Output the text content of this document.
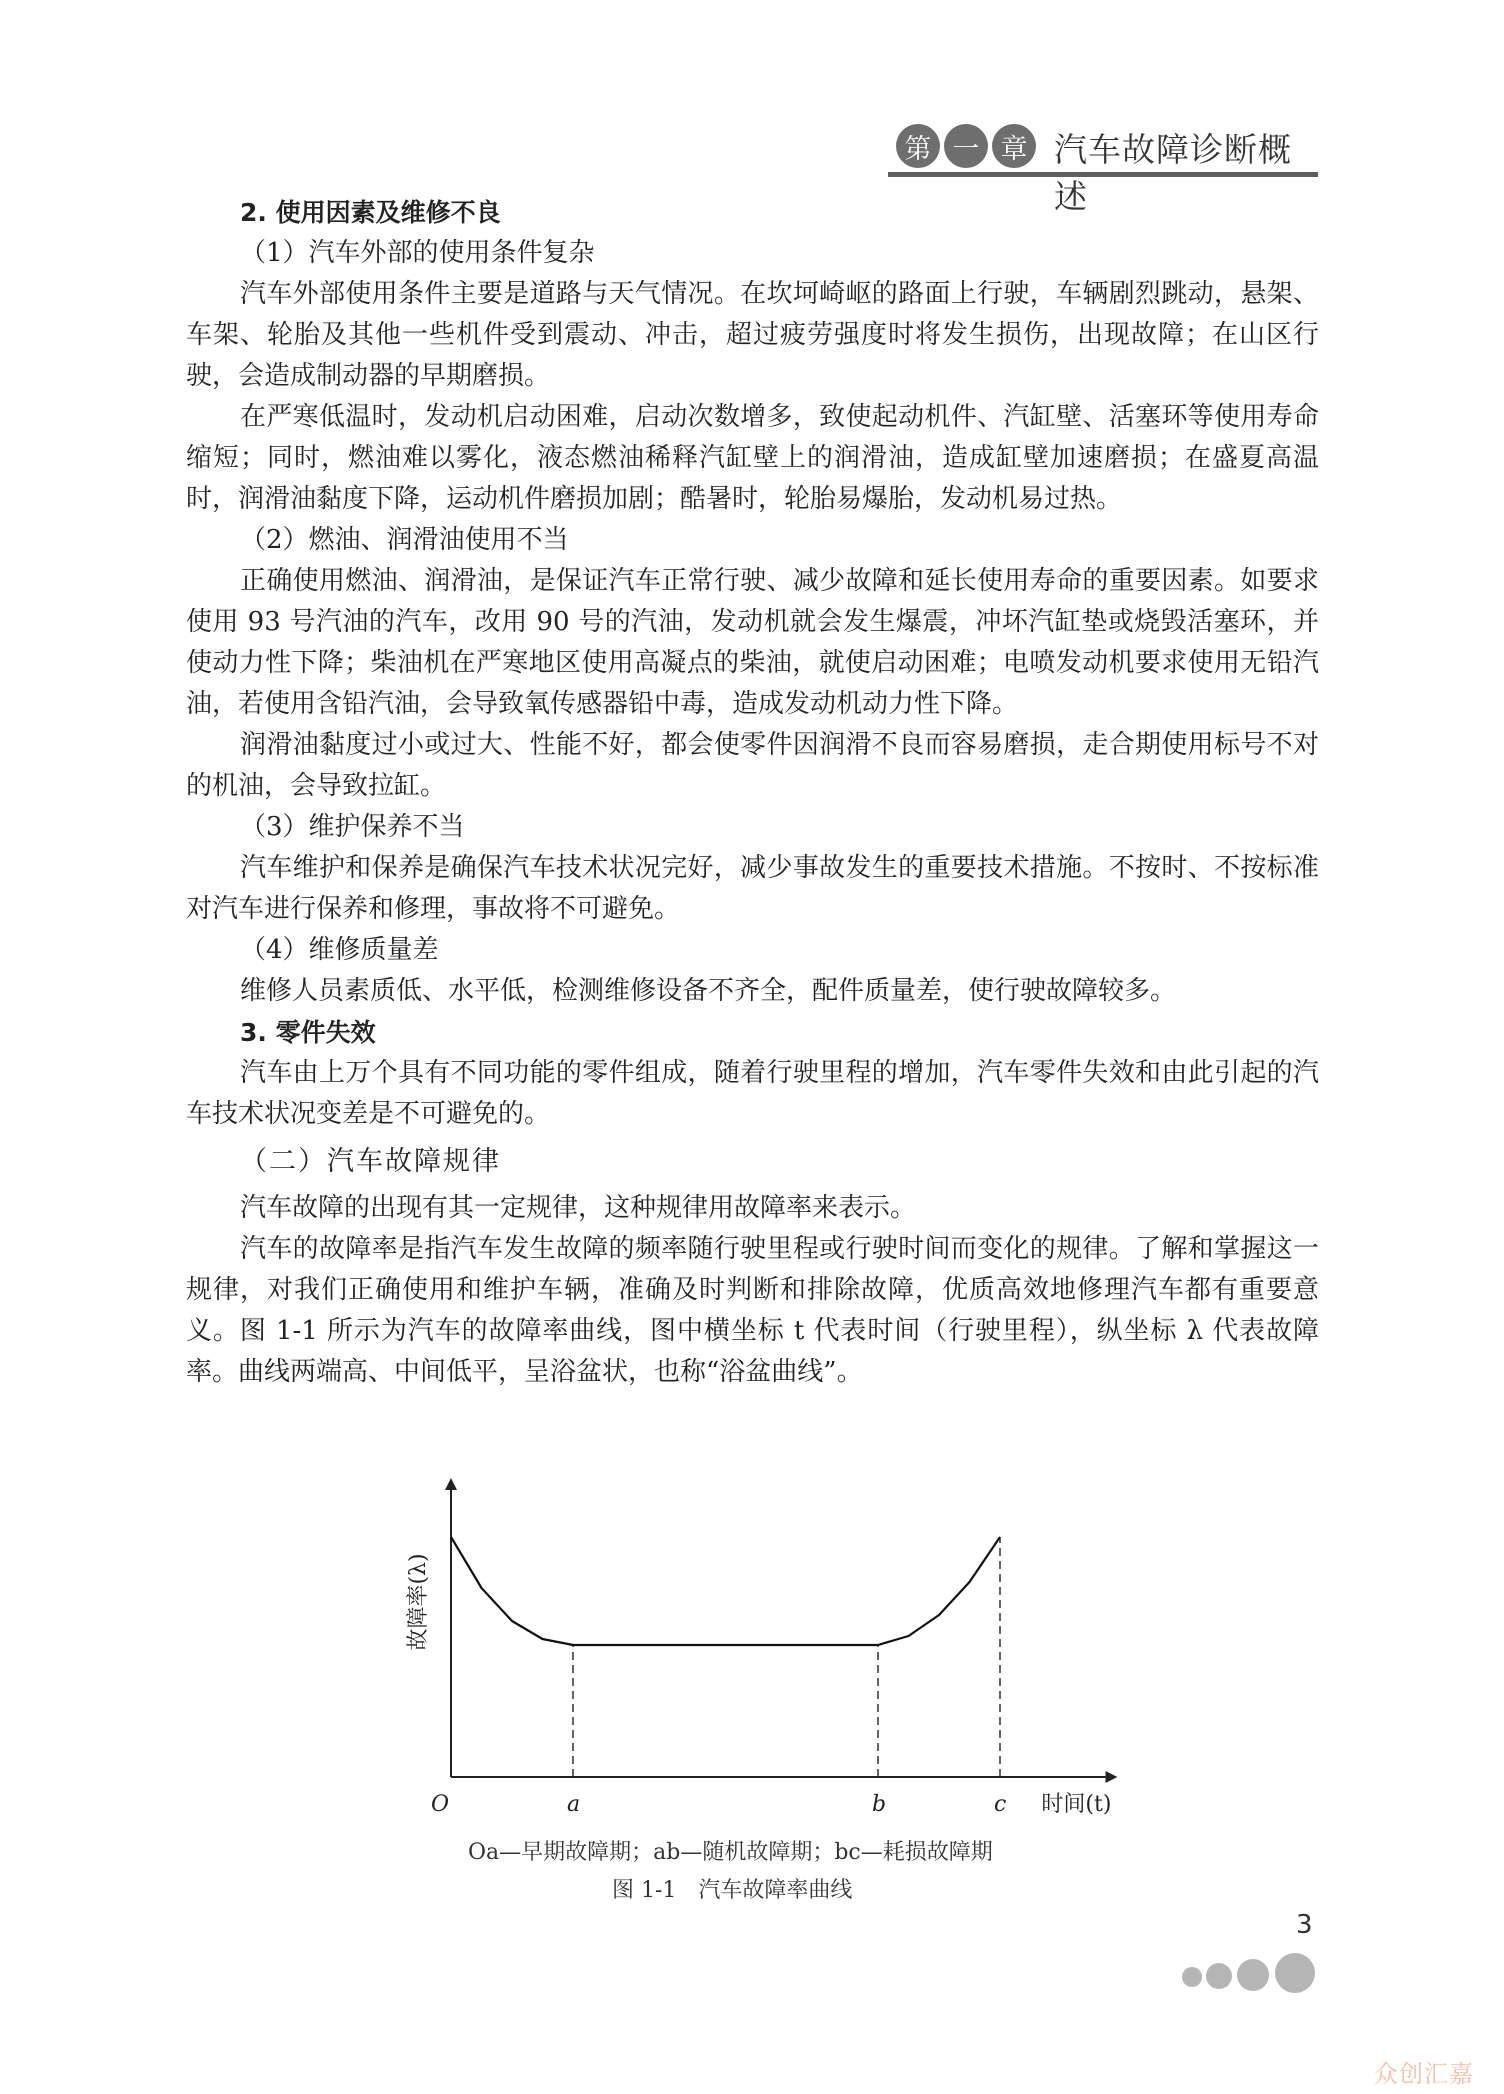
第 一 章 汽车故障诊断概述

2. 使用因素及维修不良

（1）汽车外部的使用条件复杂

汽车外部使用条件主要是道路与天气情况。在坎坷崎岖的路面上行驶，车辆剧烈跳动，悬架、车架、轮胎及其他一些机件受到震动、冲击，超过疲劳强度时将发生损伤，出现故障；在山区行驶，会造成制动器的早期磨损。

在严寒低温时，发动机启动困难，启动次数增多，致使起动机件、汽缸壁、活塞环等使用寿命缩短；同时，燃油难以雾化，液态燃油稀释汽缸壁上的润滑油，造成缸壁加速磨损；在盛夏高温时，润滑油黏度下降，运动机件磨损加剧；酷暑时，轮胎易爆胎，发动机易过热。

（2）燃油、润滑油使用不当

正确使用燃油、润滑油，是保证汽车正常行驶、减少故障和延长使用寿命的重要因素。如要求使用 93 号汽油的汽车，改用 90 号的汽油，发动机就会发生爆震，冲坏汽缸垫或烧毁活塞环，并使动力性下降；柴油机在严寒地区使用高凝点的柴油，就使启动困难；电喷发动机要求使用无铅汽油，若使用含铅汽油，会导致氧传感器铅中毒，造成发动机动力性下降。

润滑油黏度过小或过大、性能不好，都会使零件因润滑不良而容易磨损，走合期使用标号不对的机油，会导致拉缸。

（3）维护保养不当

汽车维护和保养是确保汽车技术状况完好，减少事故发生的重要技术措施。不按时、不按标准对汽车进行保养和修理，事故将不可避免。

（4）维修质量差

维修人员素质低、水平低，检测维修设备不齐全，配件质量差，使行驶故障较多。

3. 零件失效

汽车由上万个具有不同功能的零件组成，随着行驶里程的增加，汽车零件失效和由此引起的汽车技术状况变差是不可避免的。

（二）汽车故障规律

汽车故障的出现有其一定规律，这种规律用故障率来表示。

汽车的故障率是指汽车发生故障的频率随行驶里程或行驶时间而变化的规律。了解和掌握这一规律，对我们正确使用和维护车辆，准确及时判断和排除故障，优质高效地修理汽车都有重要意义。图 1-1 所示为汽车的故障率曲线，图中横坐标 t 代表时间（行驶里程），纵坐标 λ 代表故障率。曲线两端高、中间低平，呈浴盆状，也称“浴盆曲线”。

O	a	b	c 时间(t)
故障率(λ)
Oa—早期故障期；ab—随机故障期；bc—耗损故障期
图 1-1　汽车故障率曲线
3
众创汇嘉
